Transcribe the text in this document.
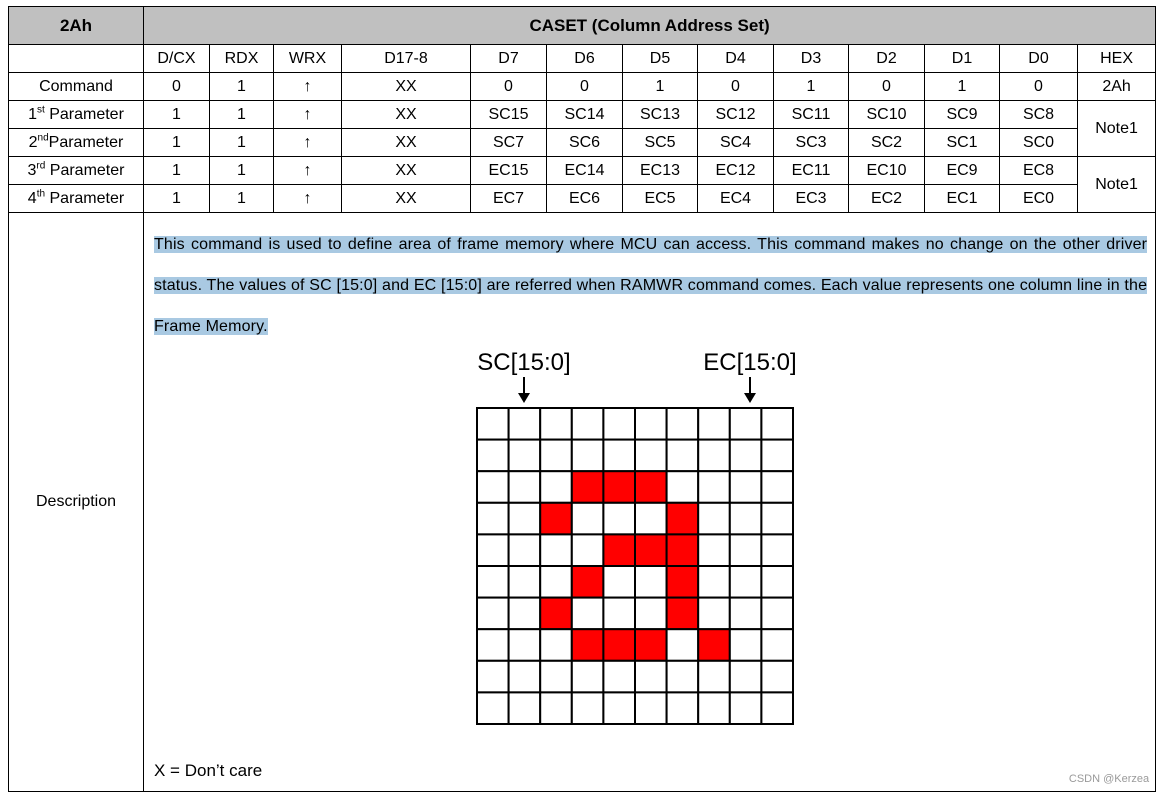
2Ah	CASET (Column Address Set)												
	D/CX	RDX	WRX	D17-8	D7	D6	D5	D4	D3	D2	D1	D0	HEX
Command	0	1	↑	XX	0	0	1	0	1	0	1	0	2Ah
1st Parameter	1	1	↑	XX	SC15	SC14	SC13	SC12	SC11	SC10	SC9	SC8	Note1
2ndParameter	1	1	↑	XX	SC7	SC6	SC5	SC4	SC3	SC2	SC1	SC0	
3rd Parameter	1	1	↑	XX	EC15	EC14	EC13	EC12	EC11	EC10	EC9	EC8	Note1
4th Parameter	1	1	↑	XX	EC7	EC6	EC5	EC4	EC3	EC2	EC1	EC0	
Description	This command is used to define area of frame memory where MCU can access. This command makes no change on the other driver status. The values of SC [15:0] and EC [15:0] are referred when RAMWR command comes. Each value represents one column line in the Frame Memory.
SC[15:0] EC[15:0]
X = Don’t care CSDN @Kerzea												
